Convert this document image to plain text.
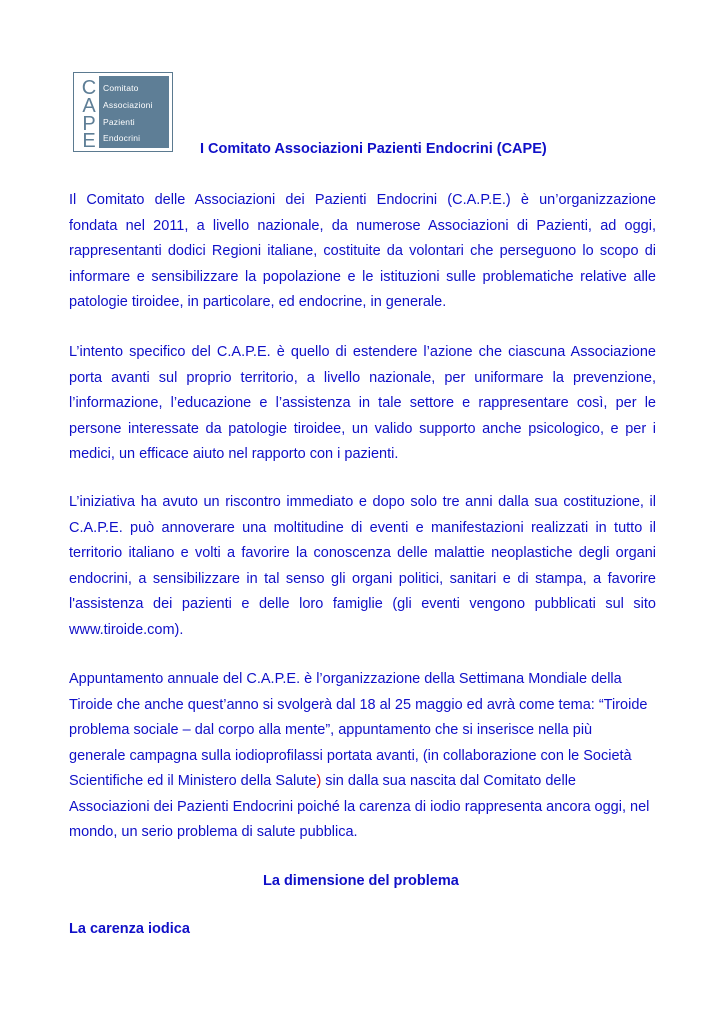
C
A
P
E
Comitato
Associazioni
Pazienti
Endocrini
I Comitato Associazioni Pazienti Endocrini (CAPE)
Il Comitato delle Associazioni dei Pazienti Endocrini (C.A.P.E.) è un’organizzazione
fondata nel 2011, a livello nazionale, da numerose Associazioni di Pazienti, ad oggi,
rappresentanti dodici Regioni italiane, costituite da volontari che perseguono lo scopo di
informare e sensibilizzare la popolazione e le istituzioni sulle problematiche relative alle
patologie tiroidee, in particolare, ed endocrine, in generale.
L’intento specifico del C.A.P.E. è quello di estendere l’azione che ciascuna Associazione
porta avanti sul proprio territorio, a livello nazionale, per uniformare la prevenzione,
l’informazione, l’educazione e l’assistenza in tale settore e rappresentare così, per le
persone interessate da patologie tiroidee, un valido supporto anche psicologico, e per i
medici, un efficace aiuto nel rapporto con i pazienti.
L’iniziativa ha avuto un riscontro immediato e dopo solo tre anni dalla sua costituzione, il
C.A.P.E. può annoverare una moltitudine di eventi e manifestazioni realizzati in tutto il
territorio italiano e volti a favorire la conoscenza delle malattie neoplastiche degli organi
endocrini, a sensibilizzare in tal senso gli organi politici, sanitari e di stampa, a favorire
l'assistenza dei pazienti e delle loro famiglie (gli eventi vengono pubblicati sul sito
www.tiroide.com).
Appuntamento annuale del C.A.P.E. è l’organizzazione della Settimana Mondiale della
Tiroide che anche quest’anno si svolgerà dal 18 al 25 maggio ed avrà come tema: “Tiroide
problema sociale – dal corpo alla mente”, appuntamento che si inserisce nella più
generale campagna sulla iodioprofilassi portata avanti, (in collaborazione con le Società
Scientifiche ed il Ministero della Salute) sin dalla sua nascita dal Comitato delle
Associazioni dei Pazienti Endocrini poiché la carenza di iodio rappresenta ancora oggi, nel
mondo, un serio problema di salute pubblica.
La dimensione del problema
La carenza iodica
